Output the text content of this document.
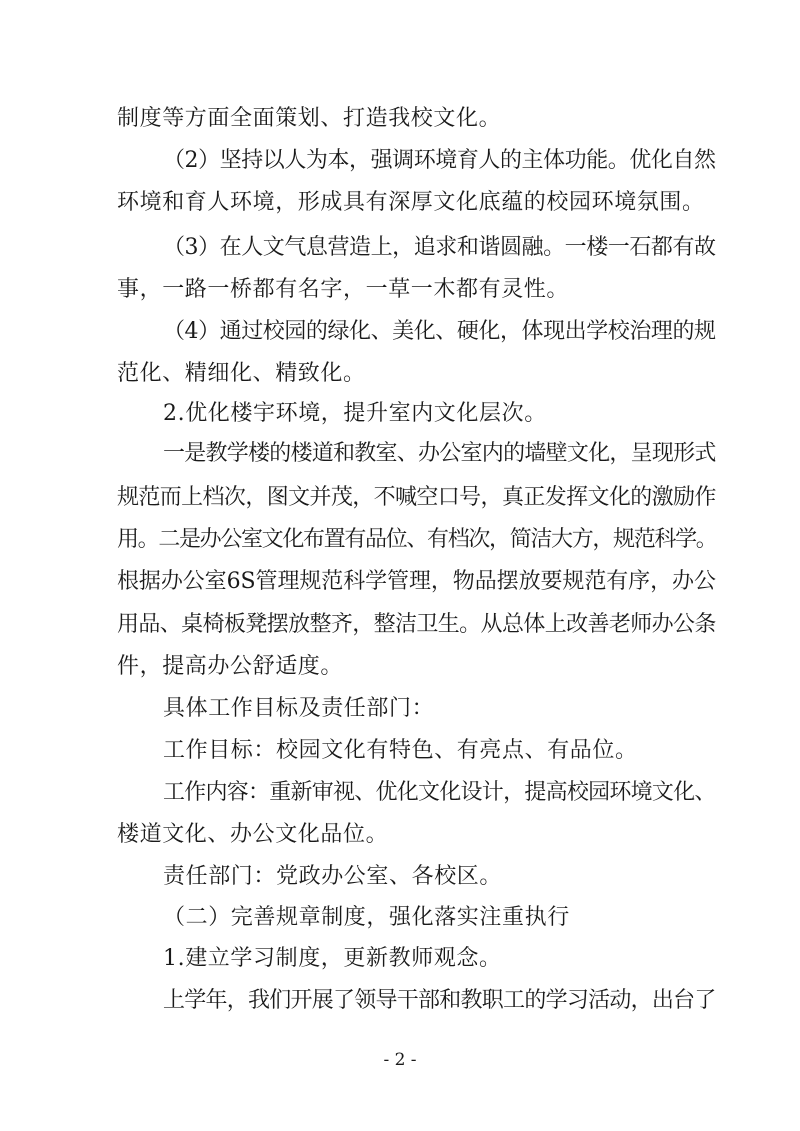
制度等方面全面策划、打造我校文化。
（2）坚持以人为本，强调环境育人的主体功能。优化自然
环境和育人环境，形成具有深厚文化底蕴的校园环境氛围。
（3）在人文气息营造上，追求和谐圆融。一楼一石都有故
事，一路一桥都有名字，一草一木都有灵性。
（4）通过校园的绿化、美化、硬化，体现出学校治理的规
范化、精细化、精致化。
2.优化楼宇环境，提升室内文化层次。
一是教学楼的楼道和教室、办公室内的墙壁文化，呈现形式
规范而上档次，图文并茂，不喊空口号，真正发挥文化的激励作
用。二是办公室文化布置有品位、有档次，简洁大方，规范科学。
根据办公室6S管理规范科学管理，物品摆放要规范有序，办公
用品、桌椅板凳摆放整齐，整洁卫生。从总体上改善老师办公条
件，提高办公舒适度。
具体工作目标及责任部门：
工作目标：校园文化有特色、有亮点、有品位。
工作内容：重新审视、优化文化设计，提高校园环境文化、
楼道文化、办公文化品位。
责任部门：党政办公室、各校区。
（二）完善规章制度，强化落实注重执行
1.建立学习制度，更新教师观念。
上学年，我们开展了领导干部和教职工的学习活动，出台了
- 2 -
